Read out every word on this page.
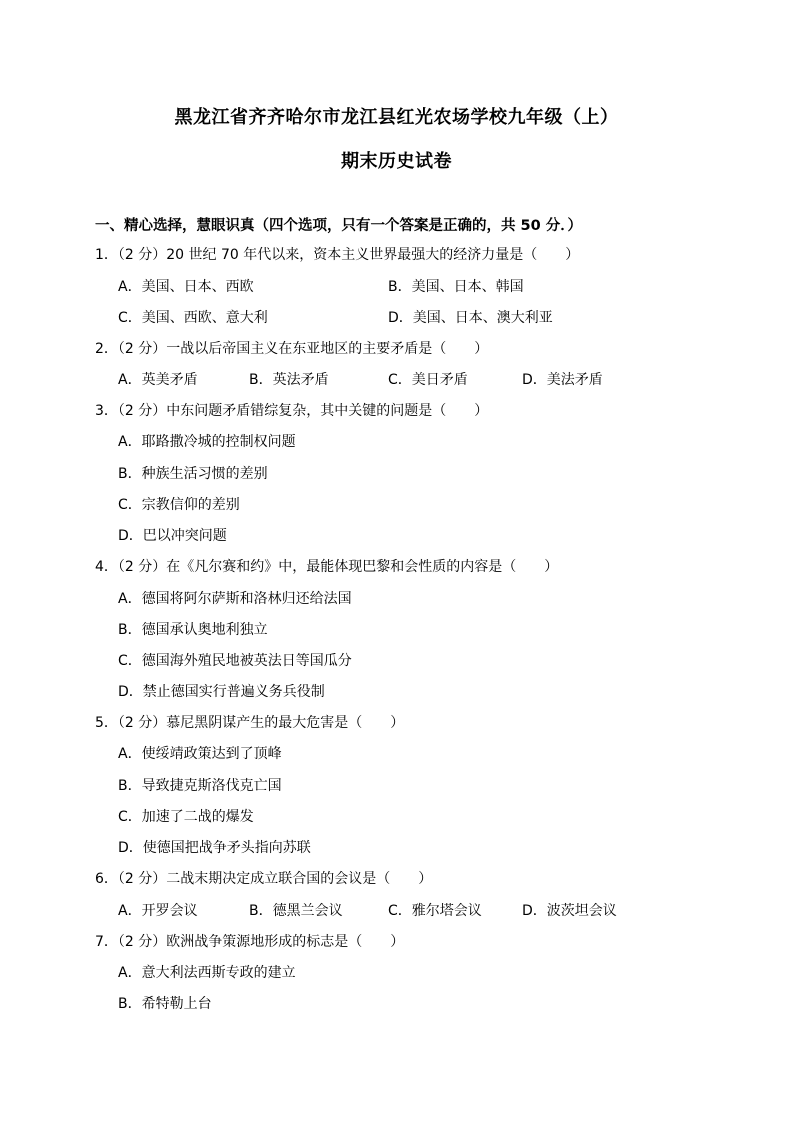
黑龙江省齐齐哈尔市龙江县红光农场学校九年级（上）
期末历史试卷
一、精心选择，慧眼识真（四个选项，只有一个答案是正确的，共 50 分．）
1．（2 分）20 世纪 70 年代以来，资本主义世界最强大的经济力量是（　　）
A．美国、日本、西欧	B．美国、日本、韩国
C．美国、西欧、意大利	D．美国、日本、澳大利亚
2．（2 分）一战以后帝国主义在东亚地区的主要矛盾是（　　）
A．英美矛盾	B．英法矛盾	C．美日矛盾	D．美法矛盾
3．（2 分）中东问题矛盾错综复杂，其中关键的问题是（　　）
A．耶路撒冷城的控制权问题
B．种族生活习惯的差别
C．宗教信仰的差别
D．巴以冲突问题
4．（2 分）在《凡尔赛和约》中，最能体现巴黎和会性质的内容是（　　）
A．德国将阿尔萨斯和洛林归还给法国
B．德国承认奥地利独立
C．德国海外殖民地被英法日等国瓜分
D．禁止德国实行普遍义务兵役制
5．（2 分）慕尼黑阴谋产生的最大危害是（　　）
A．使绥靖政策达到了顶峰
B．导致捷克斯洛伐克亡国
C．加速了二战的爆发
D．使德国把战争矛头指向苏联
6．（2 分）二战末期决定成立联合国的会议是（　　）
A．开罗会议	B．德黑兰会议	C．雅尔塔会议	D．波茨坦会议
7．（2 分）欧洲战争策源地形成的标志是（　　）
A．意大利法西斯专政的建立
B．希特勒上台
